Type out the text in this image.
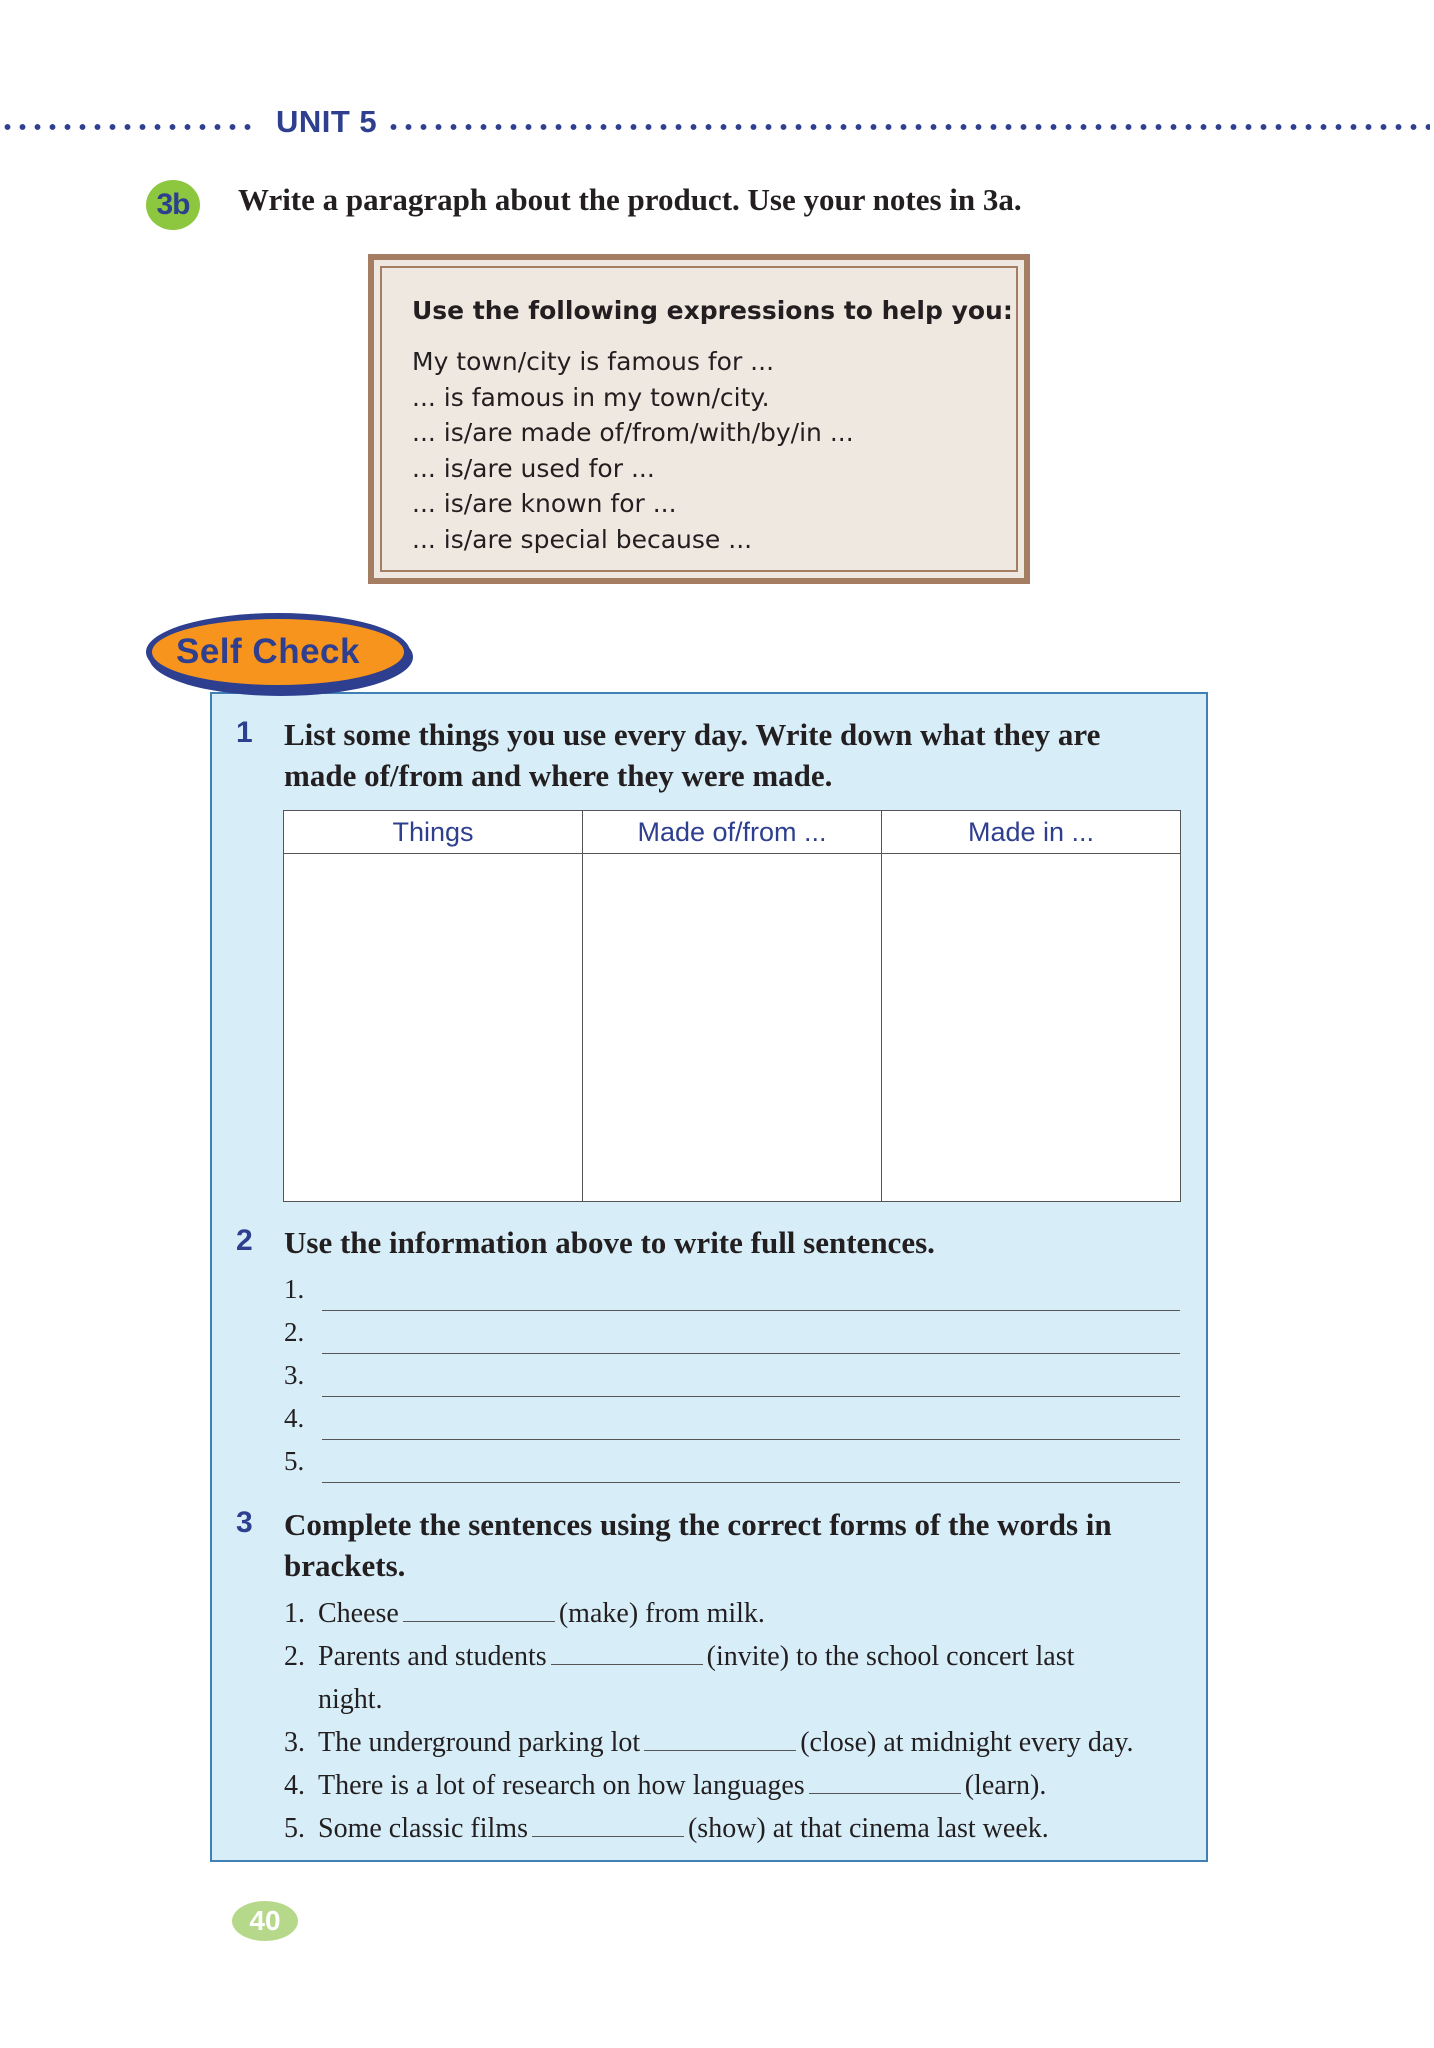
UNIT 5
3b	Write a paragraph about the product. Use your notes in 3a.
Use the following expressions to help you:
My town/city is famous for ...
... is famous in my town/city.
... is/are made of/from/with/by/in ...
... is/are used for ...
... is/are known for ...
... is/are special because ...
Self Check
1 List some things you use every day. Write down what they are
made of/from and where they were made.
Things	Made of/from ...	Made in ...

2 Use the information above to write full sentences.
1.
2.
3.
4.
5.
3 Complete the sentences using the correct forms of the words in
brackets.
1. Cheese	(make) from milk.
2. Parents and students	(invite) to the school concert last
night.
3. The underground parking lot	(close) at midnight every day.
4. There is a lot of research on how languages	(learn).
5. Some classic films	(show) at that cinema last week.
40
